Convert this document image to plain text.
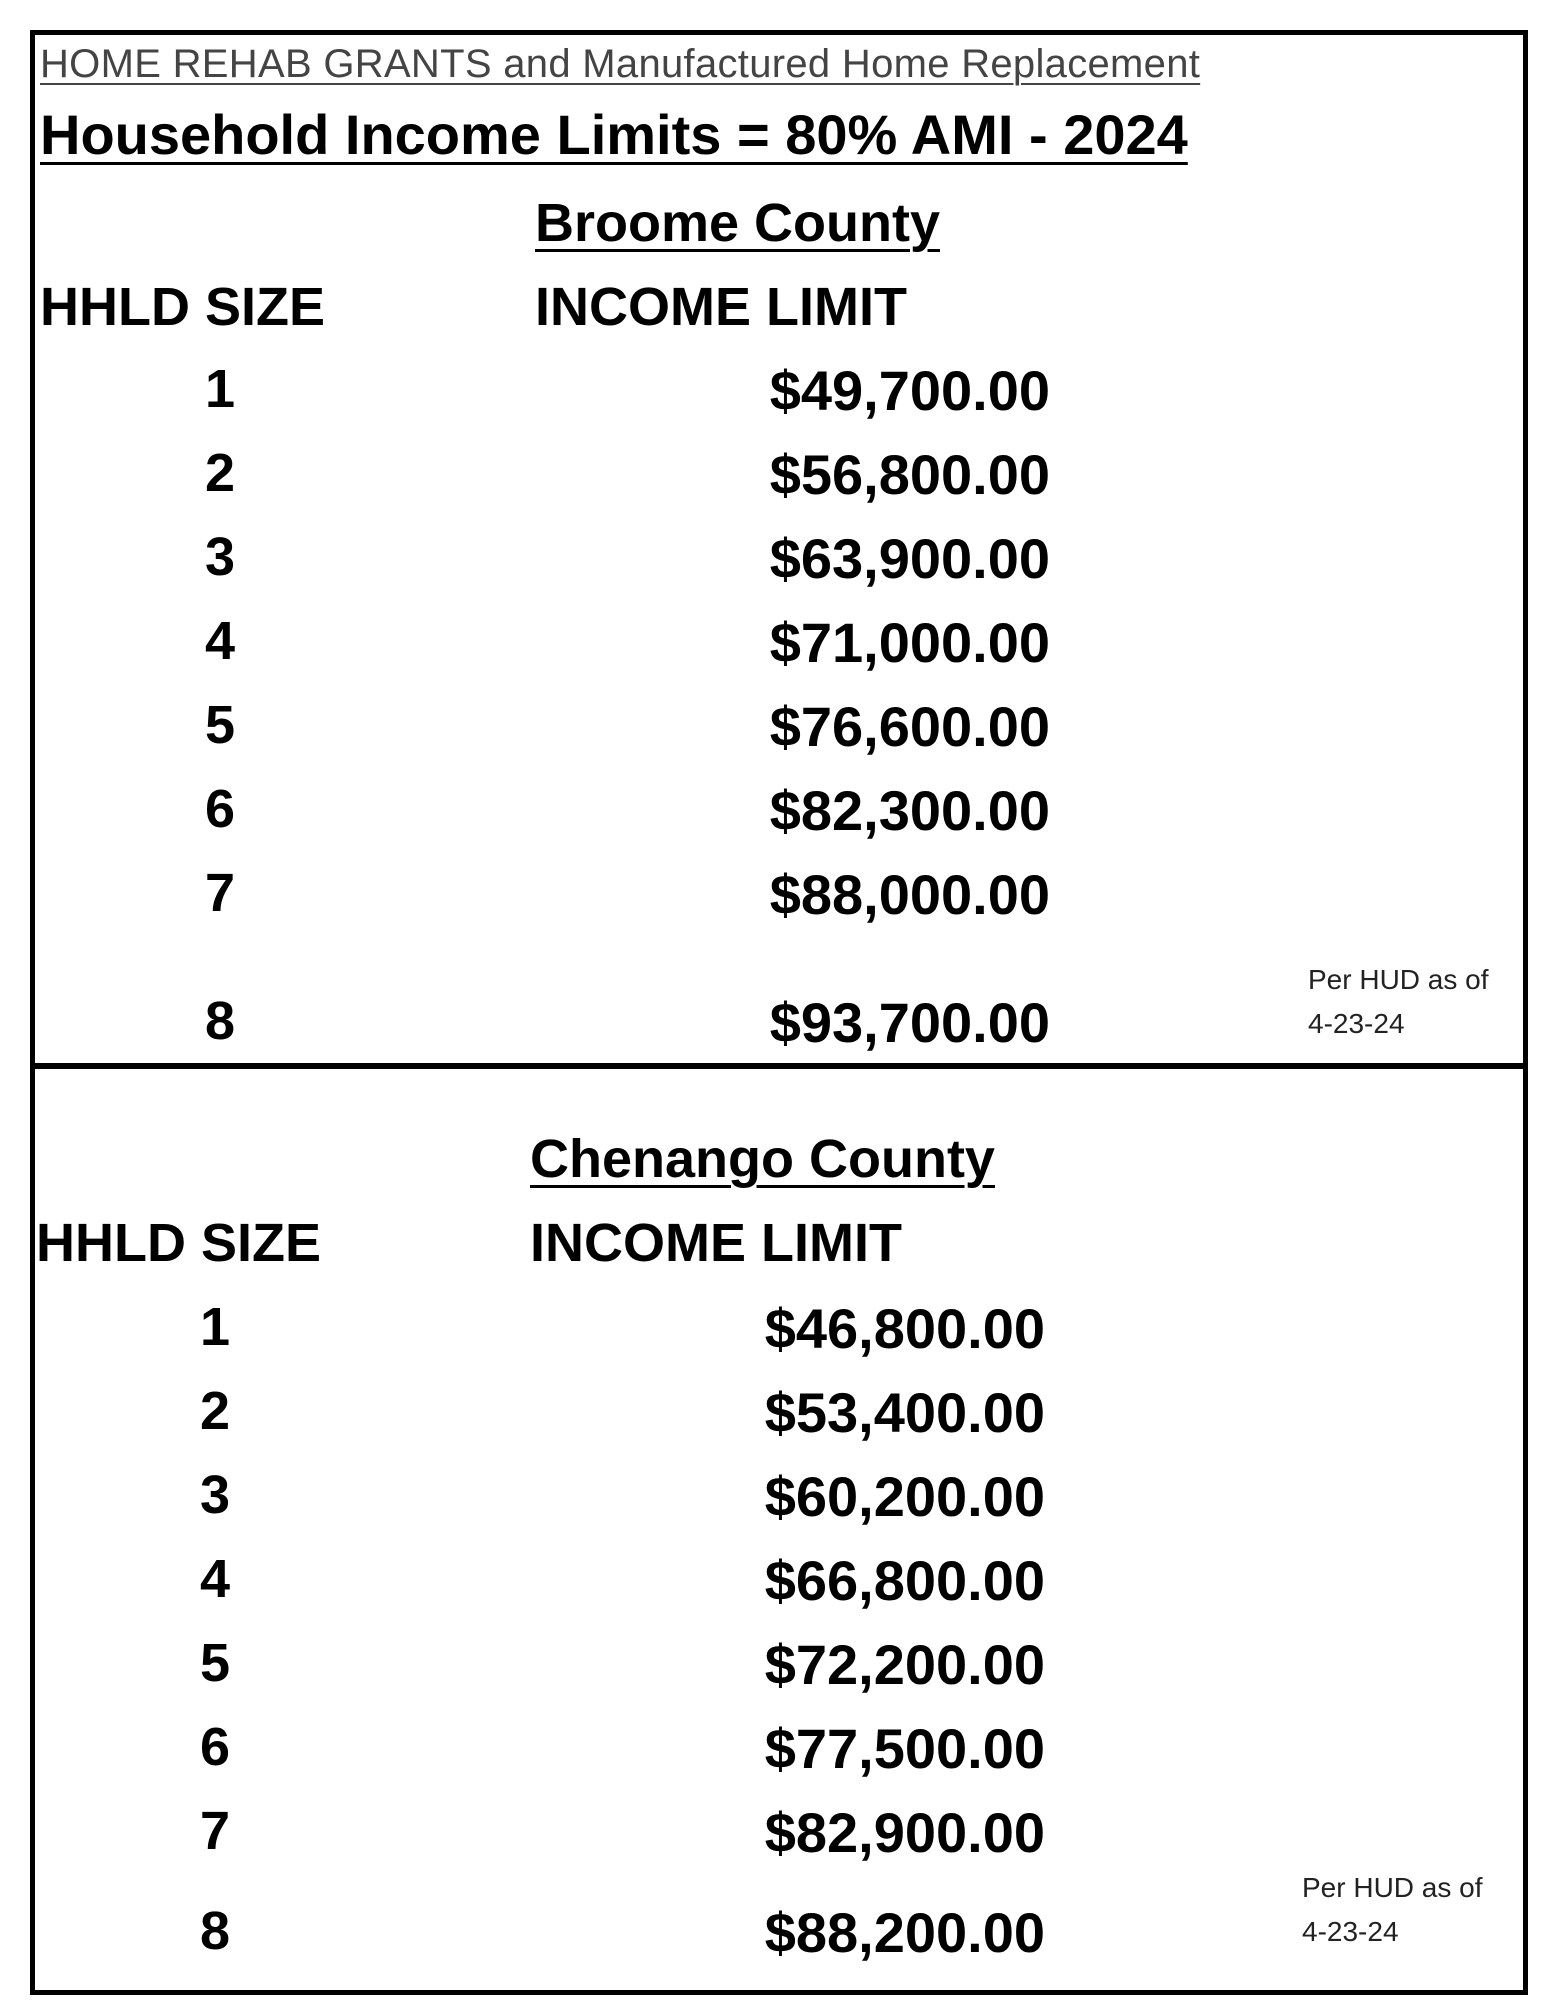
HOME REHAB GRANTS and Manufactured Home Replacement
Household Income Limits = 80% AMI - 2024
Broome County
HHLD SIZE	INCOME LIMIT
1	$49,700.00
2	$56,800.00
3	$63,900.00
4	$71,000.00
5	$76,600.00
6	$82,300.00
7	$88,000.00
8	$93,700.00
Per HUD as of
4-23-24
Chenango County
HHLD SIZE	INCOME LIMIT
1	$46,800.00
2	$53,400.00
3	$60,200.00
4	$66,800.00
5	$72,200.00
6	$77,500.00
7	$82,900.00
8	$88,200.00
Per HUD as of
4-23-24
